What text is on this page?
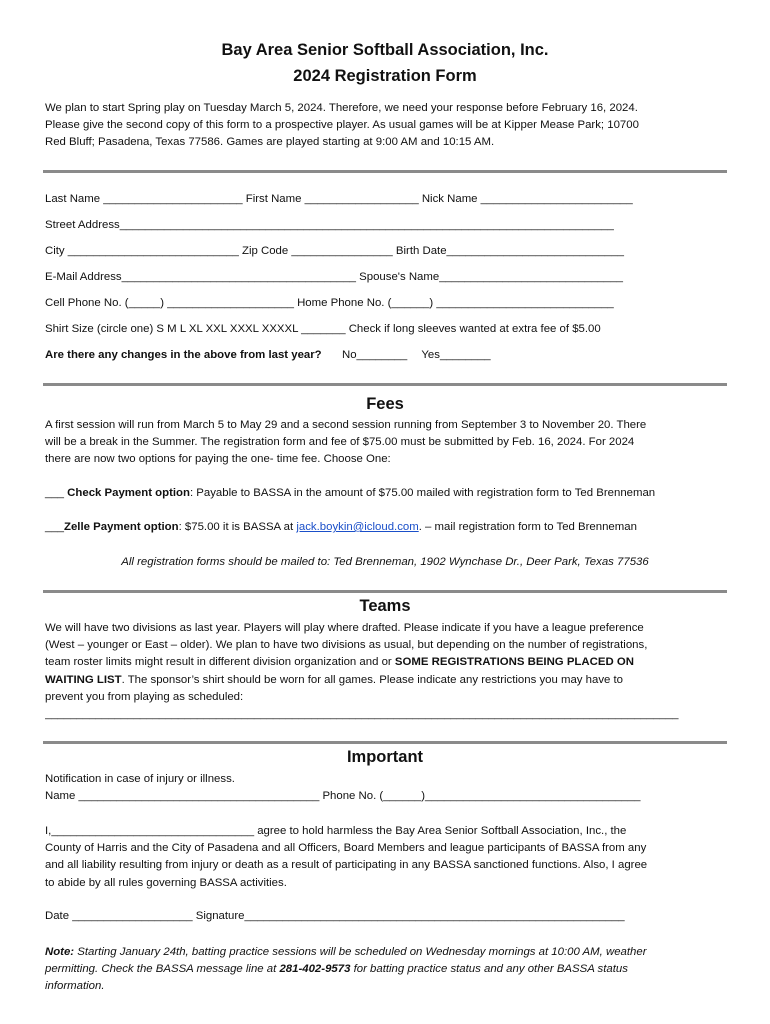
Bay Area Senior Softball Association, Inc.
2024 Registration Form
We plan to start Spring play on Tuesday March 5, 2024. Therefore, we need your response before February 16, 2024.
Please give the second copy of this form to a prospective player. As usual games will be at Kipper Mease Park; 10700
Red Bluff; Pasadena, Texas 77586. Games are played starting at 9:00 AM and 10:15 AM.
Last Name ______________________ First Name __________________ Nick Name ________________________
Street Address______________________________________________________________________________
City ___________________________ Zip Code ________________ Birth Date____________________________
E-Mail Address_____________________________________ Spouse's Name_____________________________
Cell Phone No. (_____) ____________________ Home Phone No. (______) ____________________________
Shirt Size (circle one) S M L XL XXL XXXL XXXXL _______ Check if long sleeves wanted at extra fee of $5.00
Are there any changes in the above from last year? No________ Yes________
Fees
A first session will run from March 5 to May 29 and a second session running from September 3 to November 20. There
will be a break in the Summer. The registration form and fee of $75.00 must be submitted by Feb. 16, 2024. For 2024
there are now two options for paying the one- time fee. Choose One:
___ Check Payment option: Payable to BASSA in the amount of $75.00 mailed with registration form to Ted Brenneman
___Zelle Payment option: $75.00 it is BASSA at jack.boykin@icloud.com. – mail registration form to Ted Brenneman
All registration forms should be mailed to: Ted Brenneman, 1902 Wynchase Dr., Deer Park, Texas 77536
Teams
We will have two divisions as last year. Players will play where drafted. Please indicate if you have a league preference
(West – younger or East – older). We plan to have two divisions as usual, but depending on the number of registrations,
team roster limits might result in different division organization and or SOME REGISTRATIONS BEING PLACED ON
WAITING LIST. The sponsor’s shirt should be worn for all games. Please indicate any restrictions you may have to
prevent you from playing as scheduled:
____________________________________________________________________________________________________
Important
Notification in case of injury or illness.
Name ______________________________________ Phone No. (______)__________________________________
I,________________________________ agree to hold harmless the Bay Area Senior Softball Association, Inc., the
County of Harris and the City of Pasadena and all Officers, Board Members and league participants of BASSA from any
and all liability resulting from injury or death as a result of participating in any BASSA sanctioned functions. Also, I agree
to abide by all rules governing BASSA activities.
Date ___________________ Signature____________________________________________________________
Note: Starting January 24th, batting practice sessions will be scheduled on Wednesday mornings at 10:00 AM, weather
permitting. Check the BASSA message line at 281-402-9573 for batting practice status and any other BASSA status
information.
